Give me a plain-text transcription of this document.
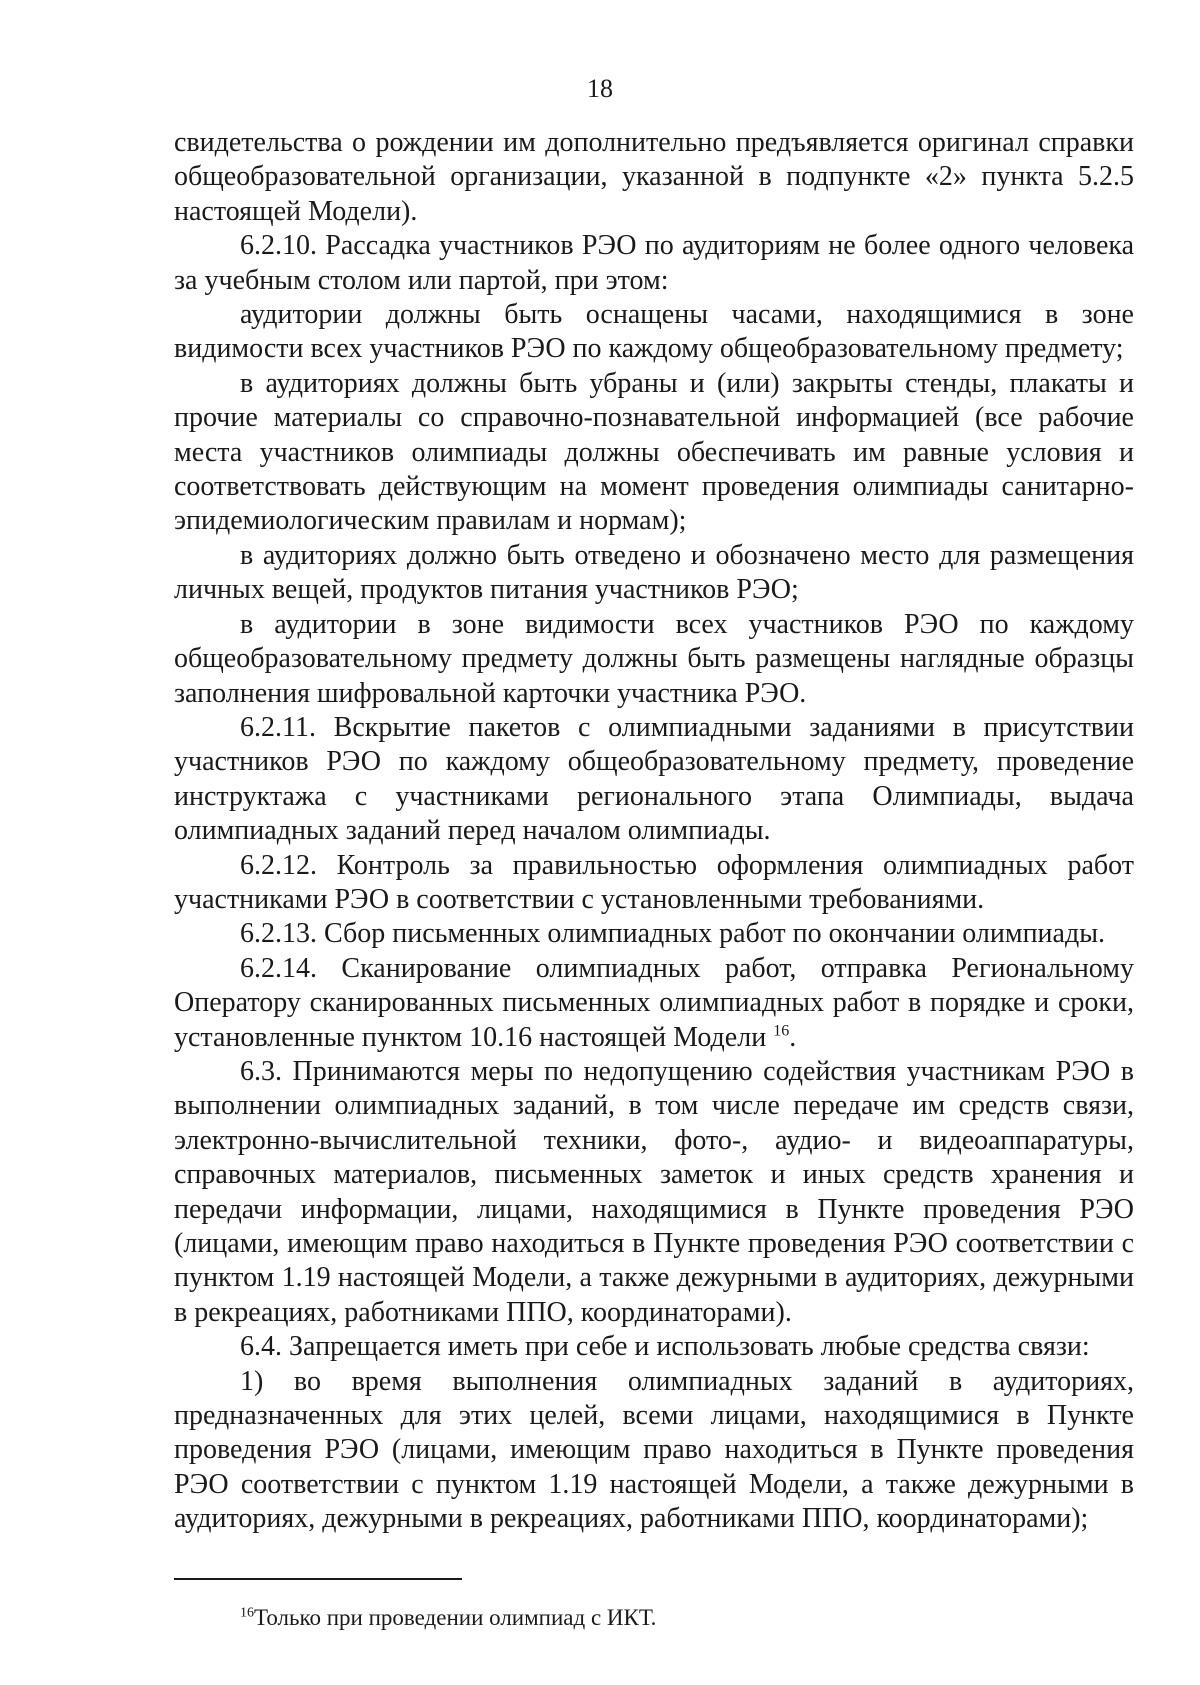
18

свидетельства о рождении им дополнительно предъявляется оригинал справки общеобразовательной организации, указанной в подпункте «2» пункта 5.2.5 настоящей Модели).

6.2.10. Рассадка участников РЭО по аудиториям не более одного человека за учебным столом или партой, при этом:

аудитории должны быть оснащены часами, находящимися в зоне видимости всех участников РЭО по каждому общеобразовательному предмету;

в аудиториях должны быть убраны и (или) закрыты стенды, плакаты и прочие материалы со справочно-познавательной информацией (все рабочие места участников олимпиады должны обеспечивать им равные условия и соответствовать действующим на момент проведения олимпиады санитарно-эпидемиологическим правилам и нормам);

в аудиториях должно быть отведено и обозначено место для размещения личных вещей, продуктов питания участников РЭО;

в аудитории в зоне видимости всех участников РЭО по каждому общеобразовательному предмету должны быть размещены наглядные образцы заполнения шифровальной карточки участника РЭО.

6.2.11. Вскрытие пакетов с олимпиадными заданиями в присутствии участников РЭО по каждому общеобразовательному предмету, проведение инструктажа с участниками регионального этапа Олимпиады, выдача олимпиадных заданий перед началом олимпиады.

6.2.12. Контроль за правильностью оформления олимпиадных работ участниками РЭО в соответствии с установленными требованиями.

6.2.13. Сбор письменных олимпиадных работ по окончании олимпиады.

6.2.14. Сканирование олимпиадных работ, отправка Региональному Оператору сканированных письменных олимпиадных работ в порядке и сроки, установленные пунктом 10.16 настоящей Модели $^{16}$.

6.3. Принимаются меры по недопущению содействия участникам РЭО в выполнении олимпиадных заданий, в том числе передаче им средств связи, электронно-вычислительной техники, фото-, аудио- и видеоаппаратуры, справочных материалов, письменных заметок и иных средств хранения и передачи информации, лицами, находящимися в Пункте проведения РЭО (лицами, имеющим право находиться в Пункте проведения РЭО соответствии с пунктом 1.19 настоящей Модели, а также дежурными в аудиториях, дежурными в рекреациях, работниками ППО, координаторами).

6.4. Запрещается иметь при себе и использовать любые средства связи:

1) во время выполнения олимпиадных заданий в аудиториях, предназначенных для этих целей, всеми лицами, находящимися в Пункте проведения РЭО (лицами, имеющим право находиться в Пункте проведения РЭО соответствии с пунктом 1.19 настоящей Модели, а также дежурными в аудиториях, дежурными в рекреациях, работниками ППО, координаторами);

$^{16}$Только при проведении олимпиад с ИКТ.
